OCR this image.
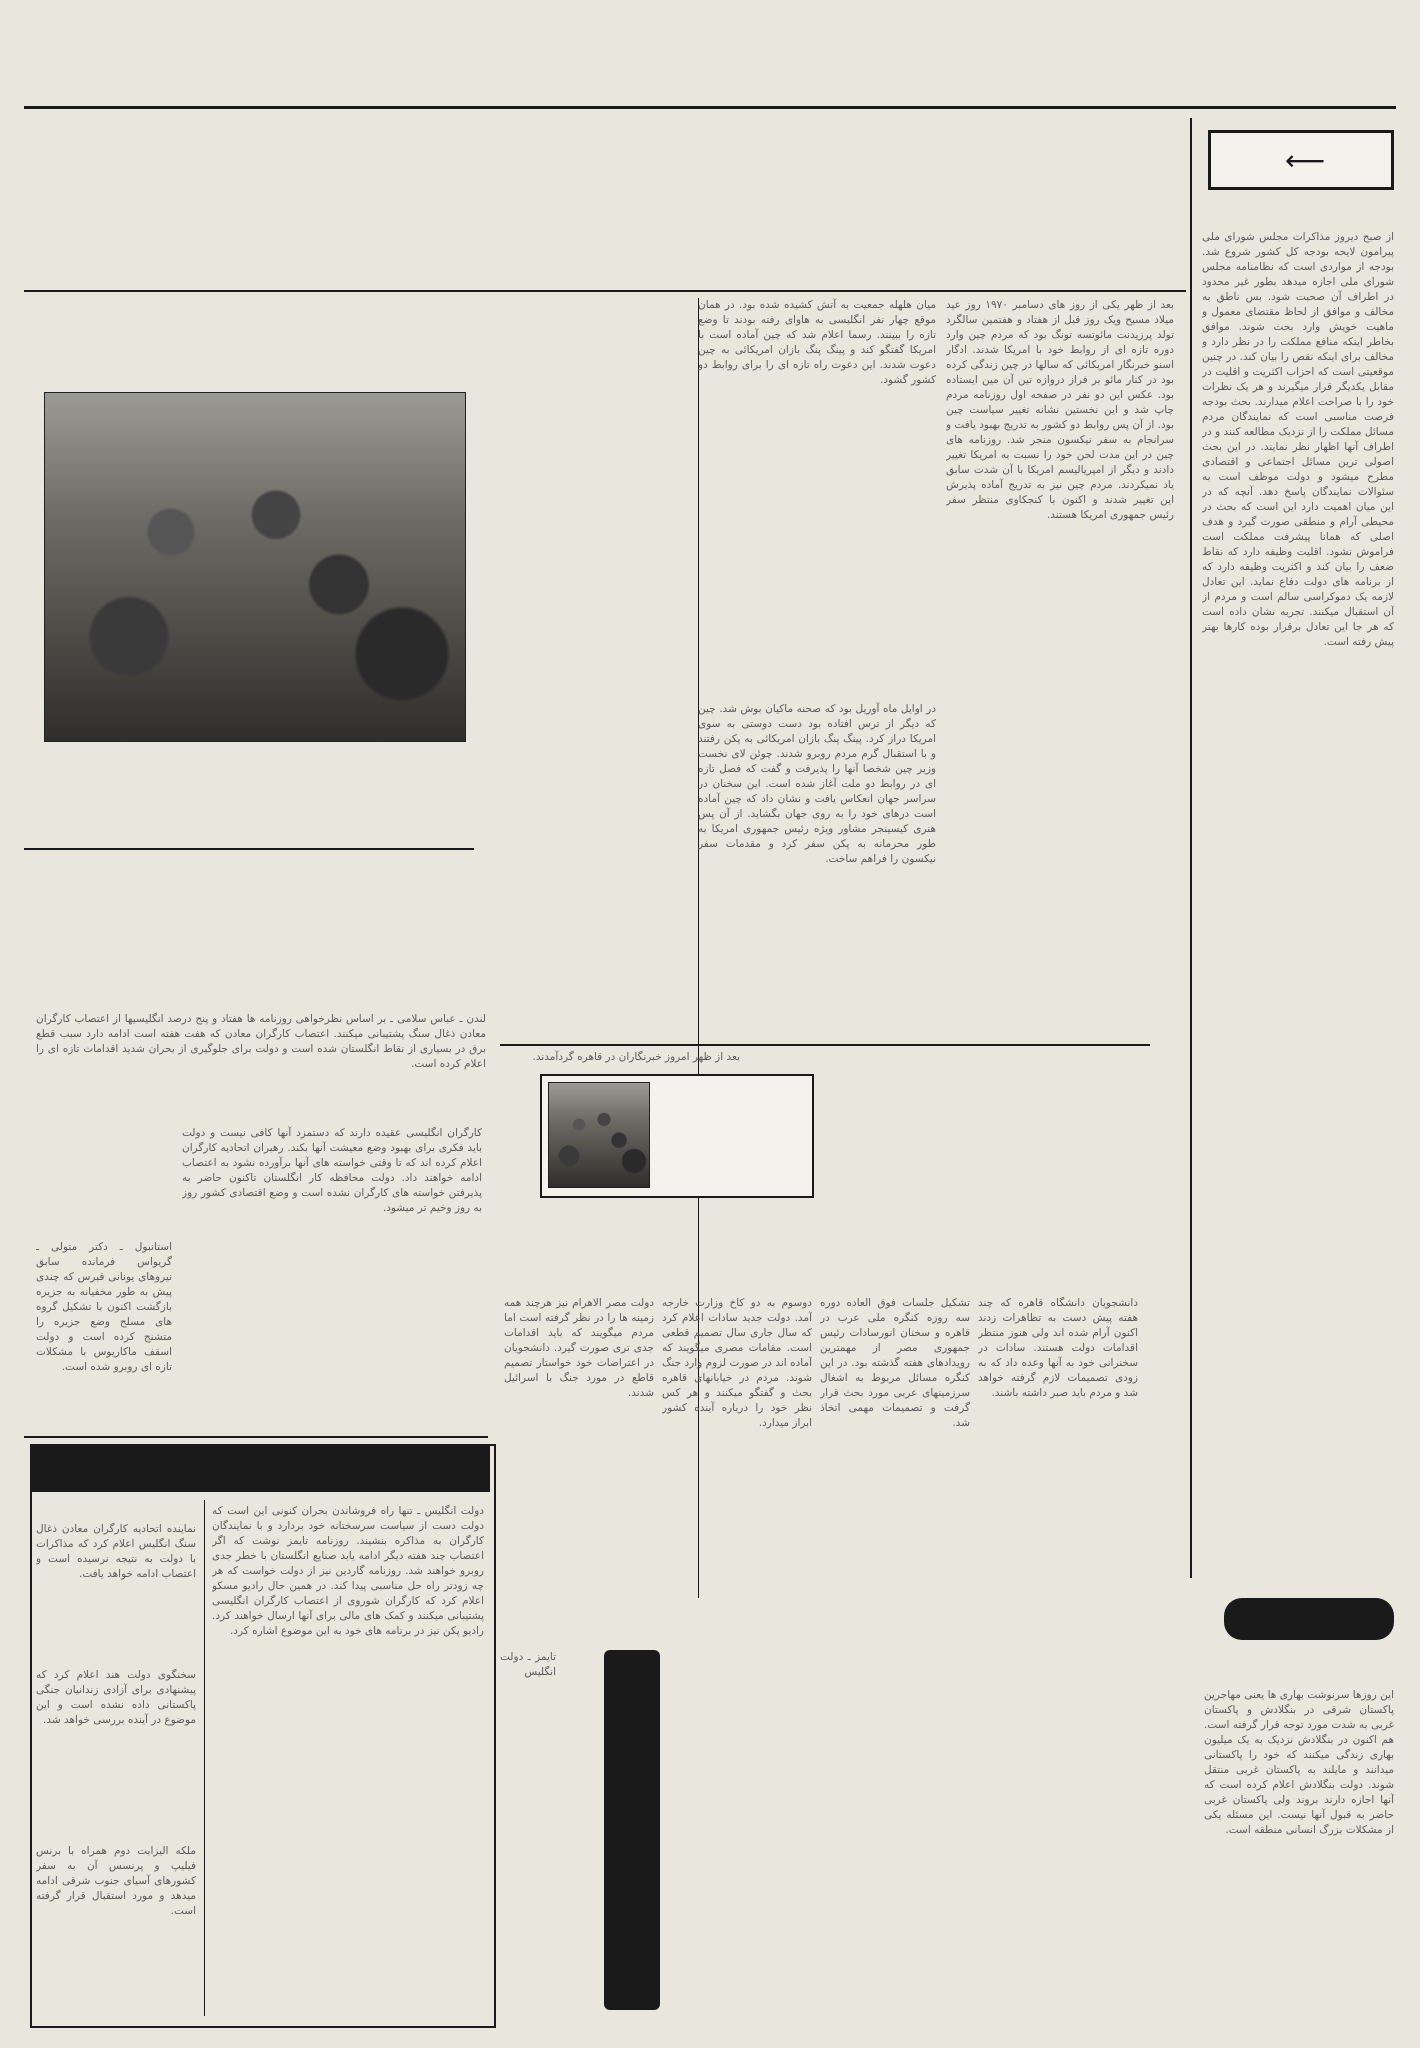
⟵
از صبح دیروز مذاکرات مجلس شورای ملی پیرامون لایحه بودجه کل کشور شروع شد. بودجه از مواردی است که نظامنامه مجلس شورای ملی اجازه میدهد بطور غیر محدود در اطراف آن صحبت شود. بس ناطق به مخالف و موافق از لحاظ مقتضای معمول و ماهیت خویش وارد بحث شوند. موافق بخاطر اینکه منافع مملکت را در نظر دارد و مخالف برای اینکه نقص را بیان کند. در چنین موقعیتی است که احزاب اکثریت و اقلیت در مقابل یکدیگر قرار میگیرند و هر یک نظرات خود را با صراحت اعلام میدارند. بحث بودجه فرصت مناسبی است که نمایندگان مردم مسائل مملکت را از نزدیک مطالعه کنند و در اطراف آنها اظهار نظر نمایند. در این بحث اصولی ترین مسائل اجتماعی و اقتصادی مطرح میشود و دولت موظف است به سئوالات نمایندگان پاسخ دهد. آنچه که در این میان اهمیت دارد این است که بحث در محیطی آرام و منطقی صورت گیرد و هدف اصلی که همانا پیشرفت مملکت است فراموش نشود. اقلیت وظیفه دارد که نقاط ضعف را بیان کند و اکثریت وظیفه دارد که از برنامه های دولت دفاع نماید. این تعادل لازمه یک دموکراسی سالم است و مردم از آن استقبال میکنند. تجربه نشان داده است که هر جا این تعادل برقرار بوده کارها بهتر پیش رفته است.
این روزها سرنوشت بهاری ها یعنی مهاجرین پاکستان شرقی در بنگلادش و پاکستان غربی به شدت مورد توجه قرار گرفته است. هم اکنون در بنگلادش نزدیک به یک میلیون بهاری زندگی میکنند که خود را پاکستانی میدانند و مایلند به پاکستان غربی منتقل شوند. دولت بنگلادش اعلام کرده است که آنها اجازه دارند بروند ولی پاکستان غربی حاضر به قبول آنها نیست. این مسئله یکی از مشکلات بزرگ انسانی منطقه است.
بعد از ظهر یکی از روز های دسامبر ۱۹۷۰ روز عید میلاد مسیح ویک روز قبل از هفتاد و هفتمین سالگرد تولد پرزیدنت مائوتسه تونگ بود که مردم چین وارد دوره تازه ای از روابط خود با امریکا شدند. ادگار اسنو خبرنگار امریکائی که سالها در چین زندگی کرده بود در کنار مائو بر فراز دروازه تین آن مین ایستاده بود. عکس این دو نفر در صفحه اول روزنامه مردم چاپ شد و این نخستین نشانه تغییر سیاست چین بود. از آن پس روابط دو کشور به تدریج بهبود یافت و سرانجام به سفر نیکسون منجر شد. روزنامه های چین در این مدت لحن خود را نسبت به امریکا تغییر دادند و دیگر از امپریالیسم امریکا با آن شدت سابق یاد نمیکردند. مردم چین نیز به تدریج آماده پذیرش این تغییر شدند و اکنون با کنجکاوی منتظر سفر رئیس جمهوری امریکا هستند.
میان هلهله جمعیت به آتش کشیده شده بود. در همان موقع چهار نفر انگلیسی به هاوای رفته بودند تا وضع تازه را ببینند. رسما اعلام شد که چین آماده است با امریکا گفتگو کند و پینگ پنگ بازان امریکائی به چین دعوت شدند. این دعوت راه تازه ای را برای روابط دو کشور گشود.
در اوایل ماه آوریل بود که صحنه ماکیان بوش شد. چین که دیگر از ترس افتاده بود دست دوستی به سوی امریکا دراز کرد. پینگ پنگ بازان امریکائی به پکن رفتند و با استقبال گرم مردم روبرو شدند. چوئن لای نخست وزیر چین شخصا آنها را پذیرفت و گفت که فصل تازه ای در روابط دو ملت آغاز شده است. این سخنان در سراسر جهان انعکاس یافت و نشان داد که چین آماده است درهای خود را به روی جهان بگشاید. از آن پس هنری کیسینجر مشاور ویژه رئیس جمهوری امریکا به طور محرمانه به پکن سفر کرد و مقدمات سفر نیکسون را فراهم ساخت.
لندن ـ عباس سلامی ـ بر اساس نظرخواهی روزنامه ها هفتاد و پنج درصد انگلیسیها از اعتصاب کارگران معادن ذغال سنگ پشتیبانی میکنند. اعتصاب کارگران معادن که هفت هفته است ادامه دارد سبب قطع برق در بسیاری از نقاط انگلستان شده است و دولت برای جلوگیری از بحران شدید اقدامات تازه ای را اعلام کرده است.
استانبول ـ دکتر متولی ـ گریواس فرمانده سابق نیروهای یونانی قبرس که چندی پیش به طور مخفیانه به جزیره بازگشت اکنون با تشکیل گروه های مسلح وضع جزیره را متشنج کرده است و دولت اسقف ماکاریوس با مشکلات تازه ای روبرو شده است.
کارگران انگلیسی عقیده دارند که دستمزد آنها کافی نیست و دولت باید فکری برای بهبود وضع معیشت آنها بکند. رهبران اتحادیه کارگران اعلام کرده اند که تا وقتی خواسته های آنها برآورده نشود به اعتصاب ادامه خواهند داد. دولت محافظه کار انگلستان تاکنون حاضر به پذیرفتن خواسته های کارگران نشده است و وضع اقتصادی کشور روز به روز وخیم تر میشود.
نماینده اتحادیه کارگران معادن ذغال سنگ انگلیس اعلام کرد که مذاکرات با دولت به نتیجه نرسیده است و اعتصاب ادامه خواهد یافت.
سخنگوی دولت هند اعلام کرد که پیشنهادی برای آزادی زندانیان جنگی پاکستانی داده نشده است و این موضوع در آینده بررسی خواهد شد.
ملکه الیزابت دوم همراه با برنس فیلیپ و پرنسس آن به سفر کشورهای آسیای جنوب شرقی ادامه میدهد و مورد استقبال قرار گرفته است.
دولت انگلیس ـ تنها راه فروشاندن بحران کنونی این است که دولت دست از سیاست سرسختانه خود بردارد و با نمایندگان کارگران به مذاکره بنشیند. روزنامه تایمز نوشت که اگر اعتصاب چند هفته دیگر ادامه یابد صنایع انگلستان با خطر جدی روبرو خواهند شد. روزنامه گاردین نیز از دولت خواست که هر چه زودتر راه حل مناسبی پیدا کند. در همین حال رادیو مسکو اعلام کرد که کارگران شوروی از اعتصاب کارگران انگلیسی پشتیبانی میکنند و کمک های مالی برای آنها ارسال خواهند کرد. رادیو پکن نیز در برنامه های خود به این موضوع اشاره کرد.
بعد از ظهر امروز خبرنگاران در قاهره گردآمدند.
دولت مصر الاهرام نیز هرچند همه زمینه ها را در نظر گرفته است اما مردم میگویند که باید اقدامات جدی تری صورت گیرد. دانشجویان در اعتراضات خود خواستار تصمیم قاطع در مورد جنگ با اسرائیل شدند.
دوسوم به دو کاخ وزارت خارجه آمد. دولت جدید سادات اعلام کرد که سال جاری سال تصمیم قطعی است. مقامات مصری میگویند که آماده اند در صورت لزوم وارد جنگ شوند. مردم در خیابانهای قاهره بحث و گفتگو میکنند و هر کس نظر خود را درباره آینده کشور ابراز میدارد.
تشکیل جلسات فوق العاده دوره سه روزه کنگره ملی عرب در قاهره و سخنان انورسادات رئیس جمهوری مصر از مهمترین رویدادهای هفته گذشته بود. در این کنگره مسائل مربوط به اشغال سرزمینهای عربی مورد بحث قرار گرفت و تصمیمات مهمی اتخاذ شد.
دانشجویان دانشگاه قاهره که چند هفته پیش دست به تظاهرات زدند اکنون آرام شده اند ولی هنوز منتظر اقدامات دولت هستند. سادات در سخنرانی خود به آنها وعده داد که به زودی تصمیمات لازم گرفته خواهد شد و مردم باید صبر داشته باشند.
تایمز ـ دولت انگلیس
